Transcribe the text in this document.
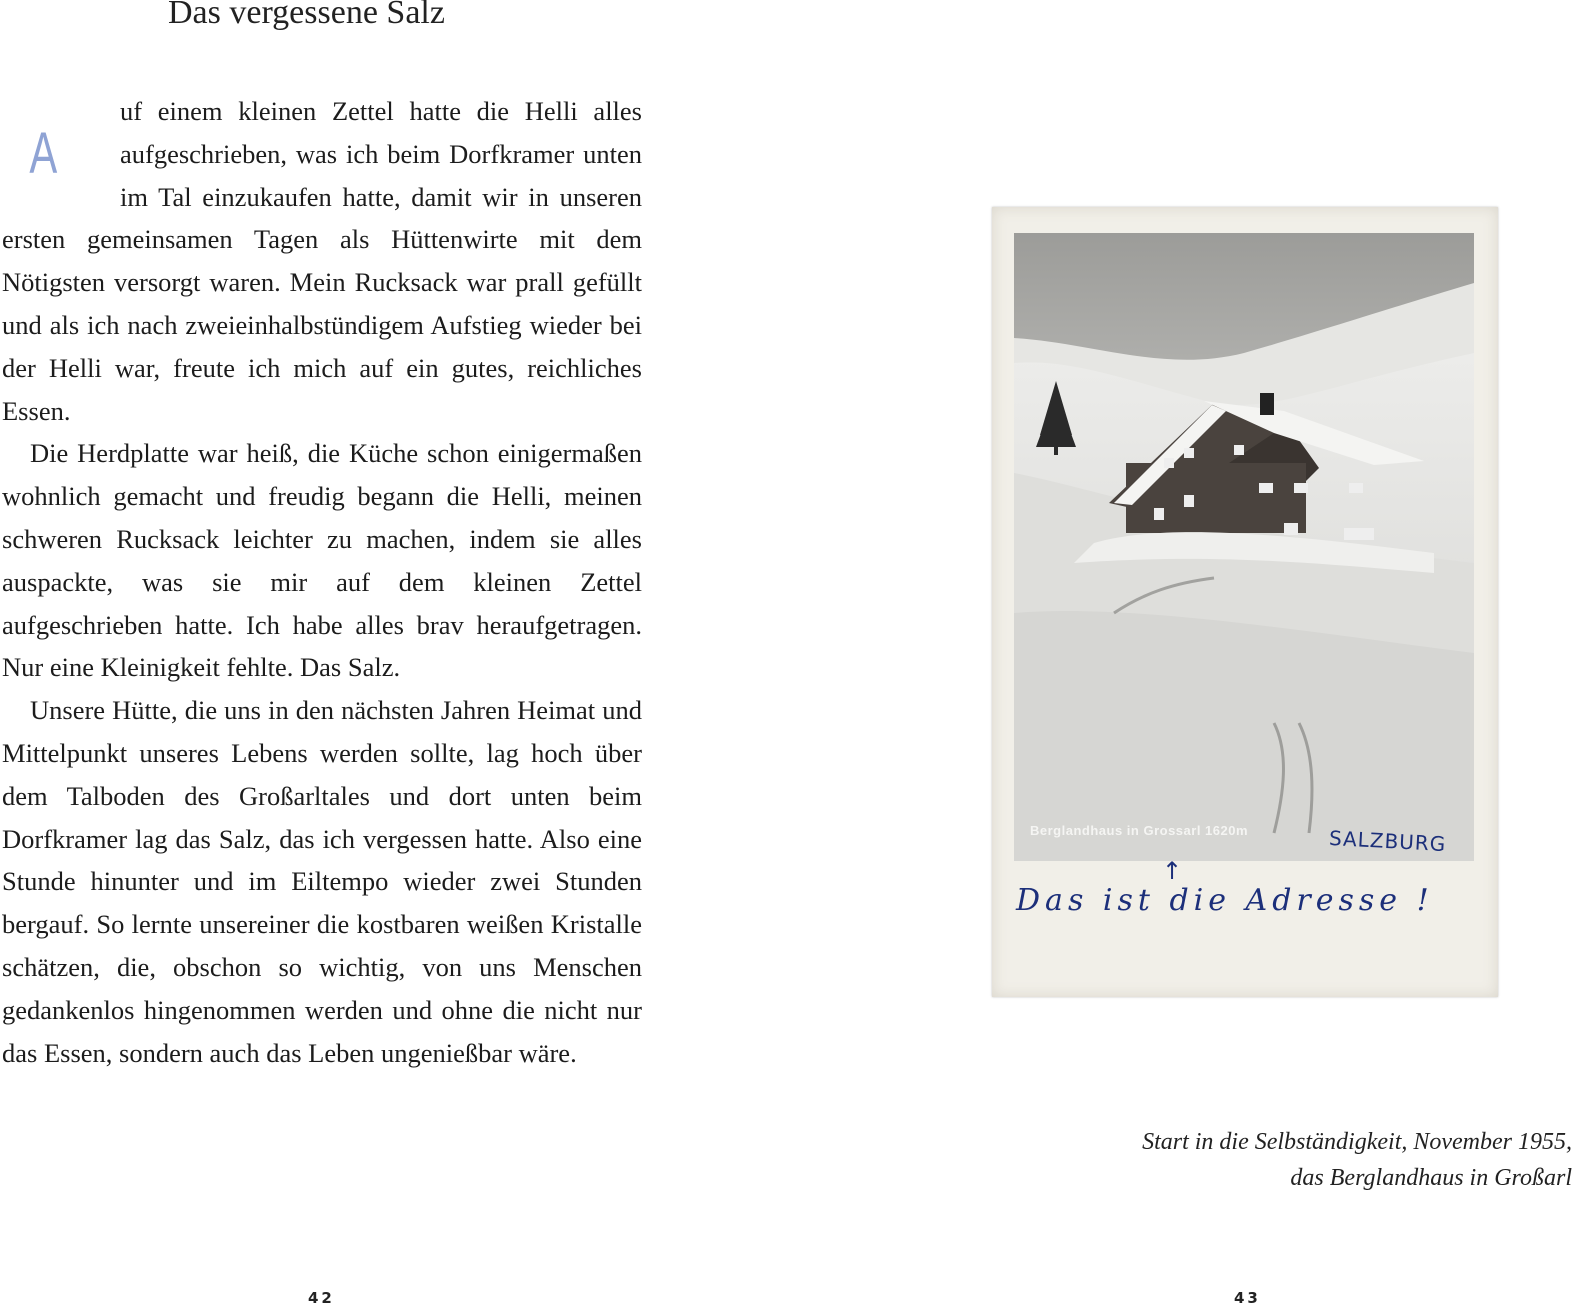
Das vergessene Salz
A

uf einem kleinen Zettel hatte die Helli alles aufgeschrieben, was ich beim Dorfkramer unten im Tal einzukaufen hatte, damit wir in unseren ersten gemeinsamen Tagen als Hüttenwirte mit dem Nötigsten versorgt waren. Mein Rucksack war prall gefüllt und als ich nach zweieinhalbstündigem Aufstieg wieder bei der Helli war, freute ich mich auf ein gutes, reichliches Essen.

Die Herdplatte war heiß, die Küche schon einigermaßen wohnlich gemacht und freudig begann die Helli, meinen schweren Rucksack leichter zu machen, indem sie alles auspackte, was sie mir auf dem kleinen Zettel aufgeschrieben hatte. Ich habe alles brav heraufgetragen. Nur eine Kleinigkeit fehlte. Das Salz.

Unsere Hütte, die uns in den nächsten Jahren Heimat und Mittelpunkt unseres Lebens werden sollte, lag hoch über dem Talboden des Großarltales und dort unten beim Dorfkramer lag das Salz, das ich vergessen hatte. Also eine Stunde hinunter und im Eiltempo wieder zwei Stunden bergauf. So lernte unsereiner die kostbaren weißen Kristalle schätzen, die, obschon so wichtig, von uns Menschen gedankenlos hingenommen werden und ohne die nicht nur das Essen, sondern auch das Leben ungenießbar wäre.

42
Berglandhaus in Grossarl 1620m	SALZBURG
↑
Das ist die Adresse !
Start in die Selbständigkeit, November 1955,
das Berglandhaus in Großarl
43
